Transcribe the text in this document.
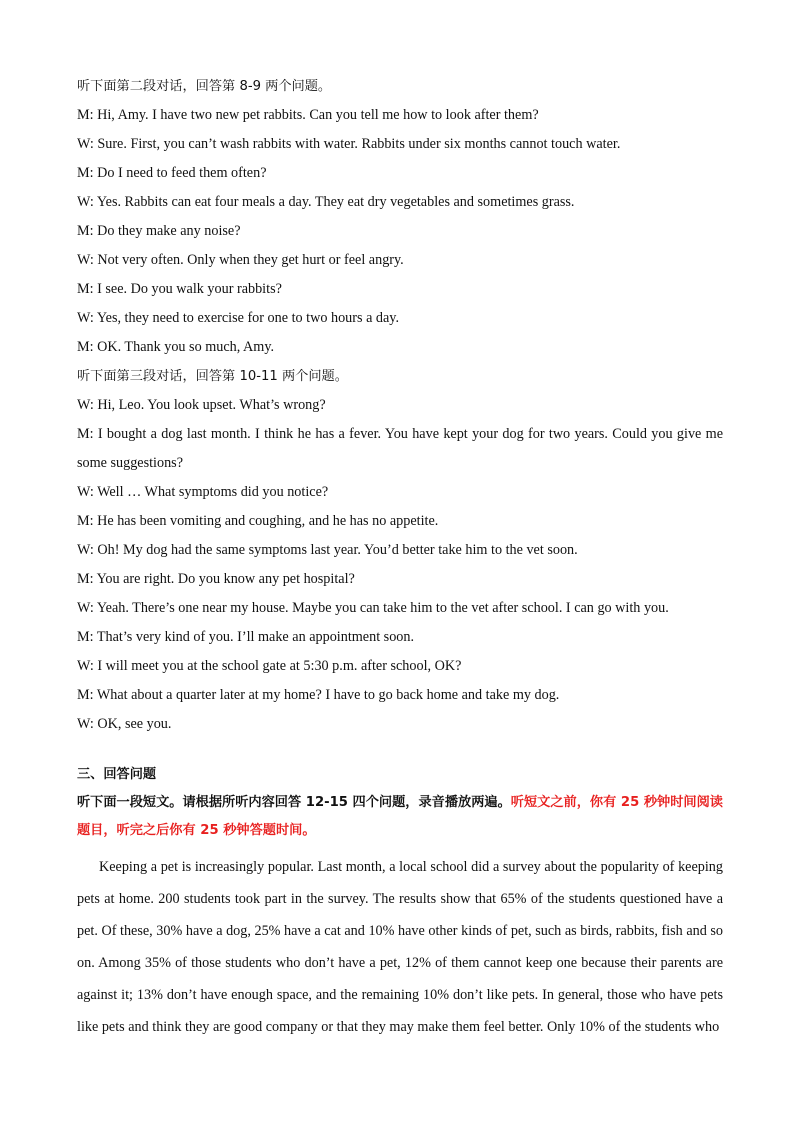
听下面第二段对话，回答第 8-9 两个问题。
M: Hi, Amy. I have two new pet rabbits. Can you tell me how to look after them?
W: Sure. First, you can’t wash rabbits with water. Rabbits under six months cannot touch water.
M: Do I need to feed them often?
W: Yes. Rabbits can eat four meals a day. They eat dry vegetables and sometimes grass.
M: Do they make any noise?
W: Not very often. Only when they get hurt or feel angry.
M: I see. Do you walk your rabbits?
W: Yes, they need to exercise for one to two hours a day.
M: OK. Thank you so much, Amy.
听下面第三段对话，回答第 10-11 两个问题。
W: Hi, Leo. You look upset. What’s wrong?
M: I bought a dog last month. I think he has a fever. You have kept your dog for two years. Could you give me some suggestions?
W: Well … What symptoms did you notice?
M: He has been vomiting and coughing, and he has no appetite.
W: Oh! My dog had the same symptoms last year. You’d better take him to the vet soon.
M: You are right. Do you know any pet hospital?
W: Yeah. There’s one near my house. Maybe you can take him to the vet after school. I can go with you.
M: That’s very kind of you. I’ll make an appointment soon.
W: I will meet you at the school gate at 5:30 p.m. after school, OK?
M: What about a quarter later at my home? I have to go back home and take my dog.
W: OK, see you.
三、回答问题
听下面一段短文。请根据所听内容回答 12-15 四个问题，录音播放两遍。听短文之前，你有 25 秒钟时间阅读题目，听完之后你有 25 秒钟答题时间。
Keeping a pet is increasingly popular. Last month, a local school did a survey about the popularity of keeping pets at home. 200 students took part in the survey. The results show that 65% of the students questioned have a pet. Of these, 30% have a dog, 25% have a cat and 10% have other kinds of pet, such as birds, rabbits, fish and so on. Among 35% of those students who don’t have a pet, 12% of them cannot keep one because their parents are against it; 13% don’t have enough space, and the remaining 10% don’t like pets. In general, those who have pets like pets and think they are good company or that they may make them feel better. Only 10% of the students who
